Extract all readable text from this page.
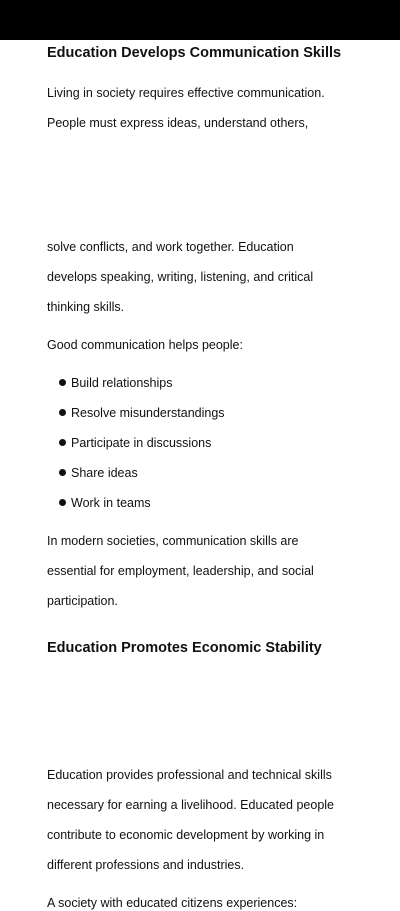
Education Develops Communication Skills
Living in society requires effective communication.
People must express ideas, understand others,
solve conflicts, and work together. Education
develops speaking, writing, listening, and critical
thinking skills.
Good communication helps people:
Build relationships
Resolve misunderstandings
Participate in discussions
Share ideas
Work in teams
In modern societies, communication skills are
essential for employment, leadership, and social
participation.
Education Promotes Economic Stability
Education provides professional and technical skills
necessary for earning a livelihood. Educated people
contribute to economic development by working in
different professions and industries.
A society with educated citizens experiences:
